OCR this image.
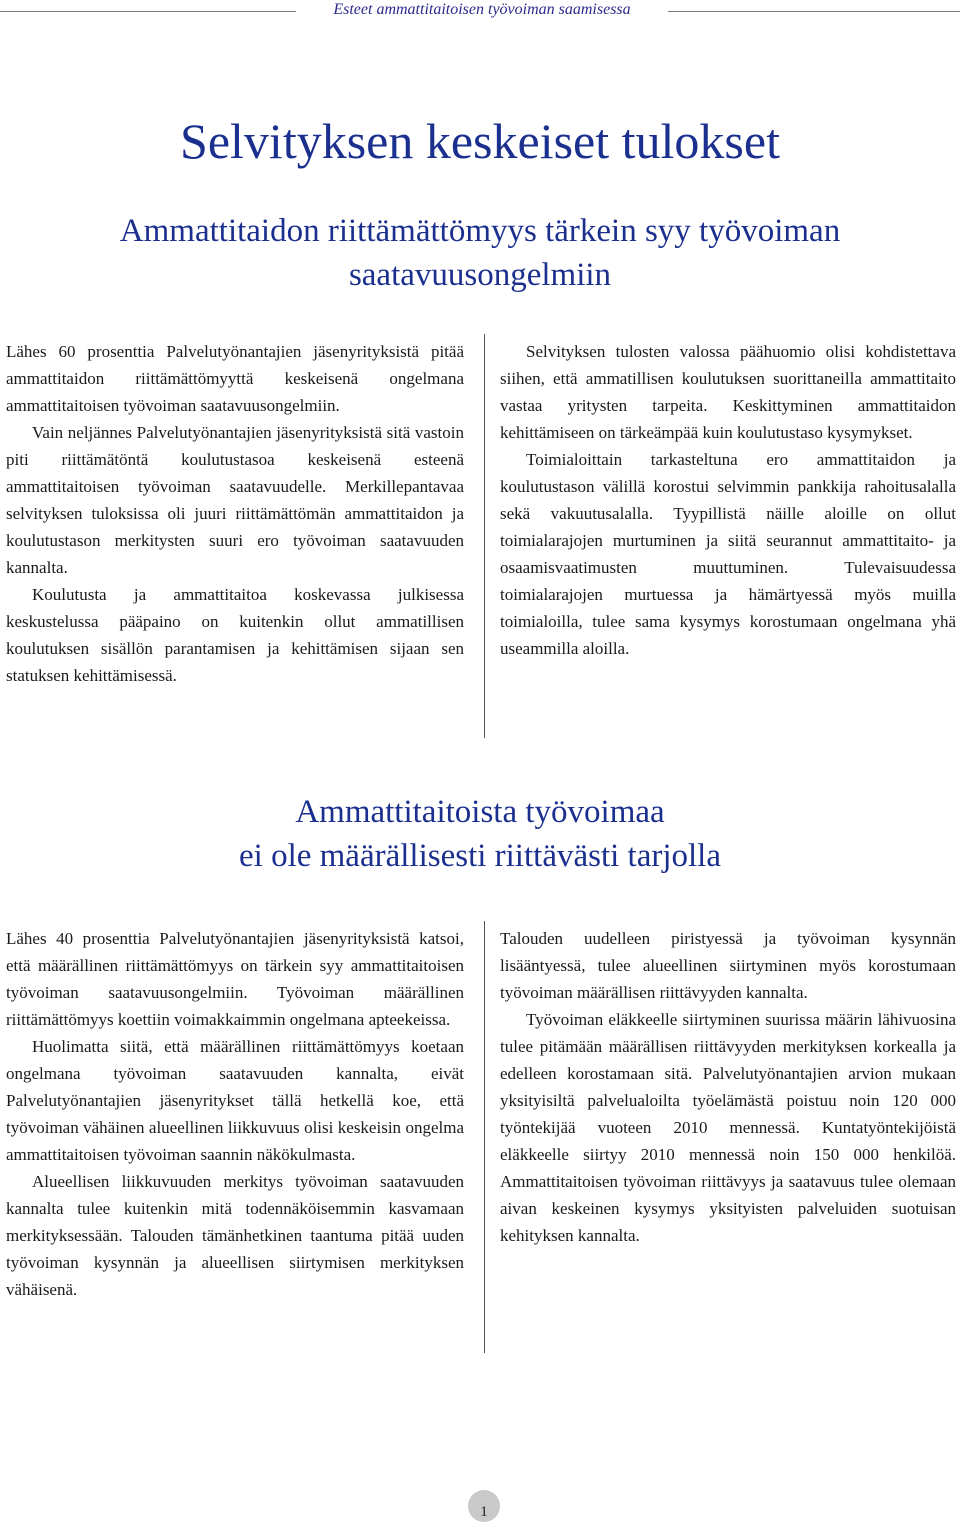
Esteet ammattitaitoisen työvoiman saamisessa
Selvityksen keskeiset tulokset
Ammattitaidon riittämättömyys tärkein syy työvoiman
saatavuusongelmiin

Lähes 60 prosenttia Palvelutyönantajien jäsenyrityksistä pitää ammattitaidon riittämättömyyttä keskeisenä ongelmana ammattitaitoisen työvoiman saatavuusongelmiin.

Vain neljännes Palvelutyönantajien jäsenyrityksistä sitä vastoin piti riittämätöntä koulutustasoa keskeisenä esteenä ammattitaitoisen työvoiman saatavuudelle. Merkillepantavaa selvityksen tuloksissa oli juuri riittämättömän ammattitaidon ja koulutustason merkitysten suuri ero työvoiman saatavuuden kannalta.

Koulutusta ja ammattitaitoa koskevassa julkisessa keskustelussa pääpaino on kuitenkin ollut ammatillisen koulutuksen sisällön parantamisen ja kehittämisen sijaan sen statuksen kehittämisessä.

Selvityksen tulosten valossa päähuomio olisi kohdistettava siihen, että ammatillisen koulutuksen suorittaneilla ammattitaito vastaa yritysten tarpeita. Keskittyminen ammattitaidon kehittämiseen on tärkeämpää kuin koulutustaso kysymykset.

Toimialoittain tarkasteltuna ero ammattitaidon ja koulutustason välillä korostui selvimmin pankkija rahoitusalalla sekä vakuutusalalla. Tyypillistä näille aloille on ollut toimialarajojen murtuminen ja siitä seurannut ammattitaito- ja osaamisvaatimusten muuttuminen. Tulevaisuudessa toimialarajojen murtuessa ja hämärtyessä myös muilla toimialoilla, tulee sama kysymys korostumaan ongelmana yhä useammilla aloilla.

Ammattitaitoista työvoimaa
ei ole määrällisesti riittävästi tarjolla

Lähes 40 prosenttia Palvelutyönantajien jäsenyrityksistä katsoi, että määrällinen riittämättömyys on tärkein syy ammattitaitoisen työvoiman saatavuusongelmiin. Työvoiman määrällinen riittämättömyys koettiin voimakkaimmin ongelmana apteekeissa.

Huolimatta siitä, että määrällinen riittämättömyys koetaan ongelmana työvoiman saatavuuden kannalta, eivät Palvelutyönantajien jäsenyritykset tällä hetkellä koe, että työvoiman vähäinen alueellinen liikkuvuus olisi keskeisin ongelma ammattitaitoisen työvoiman saannin näkökulmasta.

Alueellisen liikkuvuuden merkitys työvoiman saatavuuden kannalta tulee kuitenkin mitä todennäköisemmin kasvamaan merkityksessään. Talouden tämänhetkinen taantuma pitää uuden työvoiman kysynnän ja alueellisen siirtymisen merkityksen vähäisenä.

Talouden uudelleen piristyessä ja työvoiman kysynnän lisääntyessä, tulee alueellinen siirtyminen myös korostumaan työvoiman määrällisen riittävyyden kannalta.

Työvoiman eläkkeelle siirtyminen suurissa määrin lähivuosina tulee pitämään määrällisen riittävyyden merkityksen korkealla ja edelleen korostamaan sitä. Palvelutyönantajien arvion mukaan yksityisiltä palvelualoilta työelämästä poistuu noin 120 000 työntekijää vuoteen 2010 mennessä. Kuntatyöntekijöistä eläkkeelle siirtyy 2010 mennessä noin 150 000 henkilöä. Ammattitaitoisen työvoiman riittävyys ja saatavuus tulee olemaan aivan keskeinen kysymys yksityisten palveluiden suotuisan kehityksen kannalta.

1
